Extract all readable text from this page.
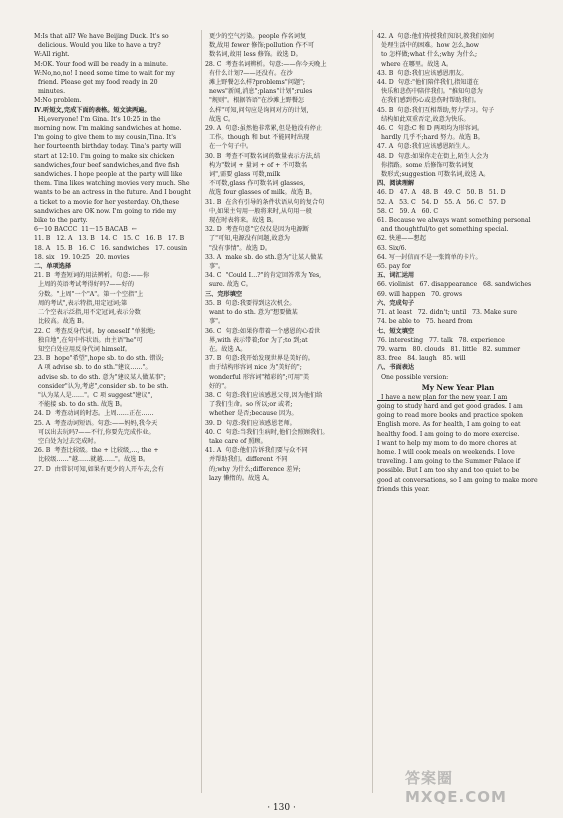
M:Is that all? We have Beijing Duck. It's so
delicious. Would you like to have a try?
W:All right.
M:OK. Your food will be ready in a minute.
W:No,no,no! I need some time to wait for my
friend. Please get my food ready in 20
minutes.
M:No problem.
Ⅳ.听短文,完成下面的表格。短文读两遍。
Hi,everyone! I'm Gina. It's 10:25 in the
morning now. I'm making sandwiches at home.
I'm going to give them to my cousin,Tina. It's
her fourteenth birthday today. Tina's party will
start at 12:10. I'm going to make six chicken
sandwiches,four beef sandwiches,and five fish
sandwiches. I hope people at the party will like
them. Tina likes watching movies very much. She
wants to be an actress in the future. And I bought
a ticket to a movie for her yesterday. Oh,these
sandwiches are OK now. I'm going to ride my
bike to the party.
6～10 BACCC  11～15 BACAB  ←
11. B   12. A   13. B   14. C   15. C   16. B   17. B
18. A   15. B   16. C   16. sandwiches   17. cousin
18. six   19. 10:25   20. movies
二、单项选择
21. B  考查短词的用法辨析。句意:——你
上周的英语考试考得好吗?——好的
分数。"上周"一个"A"。第一个空指"上
周的考试",表示特指,用定冠词;第
二个空表示泛指,用不定冠词,表示分数
比较高。故选 B。
22. C  考查反身代词。by oneself "单独地;
独自地",在句中作状语。由主语"he"可
知空白处应用反身代词 himself。
23. B  hope"希望",hope sb. to do sth. 错误;
A 项 advise sb. to do sth."建议……"。
advise sb. to do sth. 意为"建议某人做某事";
consider"认为,考虑",consider sb. to be sth.
"认为某人是……"。C 项 suggest"建议",
不能接 sb. to do sth. 故选 B。
24. D  考查动词的时态。上周……正在……
25. A  考查动词短语。句意:——妈妈,我今天
可以出去玩吗?——不行,你要先完成作业。
空白处为过去完成时。
26. B  考查比较级。the + 比较级,…, the +
比较级……"越……就越……"。故选 B。
27. D  由常识可知,如果有更少的人开车去,会有
更少的空气污染。people 作名词复
数,故用 fewer 修饰;pollution 作不可
数名词,故用 less 修饰。故选 D。
28. C  考查名词辨析。句意:——你今天晚上
有什么计划?——还没有。在沙
滩上野餐怎么样?problems"问题";
news"新闻,消息";plans"计划";rules
"规则"。根据答语"在沙滩上野餐怎
么样"可知,问句应是询问对方的计划,
故选 C。
29. A  句意:虽然他非常累,但是他没有停止
工作。though 和 but 不能同时出现
在一个句子中。
30. B  考查不可数名词的数量表示方法,结
构为"数词 + 量词 + of + 不可数名
词",需要 glass 可数,milk
不可数,glass 作可数名词 glasses,
故选 four glasses of milk。故选 B。
31. B  在含有引导的条件状语从句的复合句
中,如果主句用一般将来时,从句用一般
现在时表将来。故选 B。
32. D  考查句意"它仅仅是因为电源断
了"可知,电源没有问题,故意为
"没有事情"。故选 D。
33. A  make sb. do sth.意为"让某人做某
事"。
34. C  "Could I…?"的肯定回答常为 Yes,
sure. 故选 C。
三、完形填空
35. B  句意:我要得到这次机会。
want to do sth. 意为"想要做某
事"。
36. C  句意:如果你带着一个感恩的心看世
界,with 表示带着;for 为了;to 到;at
在。故选 A。
37. B  句意:我开始发现世界是美好的。
由于结构形容词 nice 为"美好的";
wonderful 形容词"精彩的";可用"美
好的"。
38. C  句意:我们应该感恩父母,因为他们给
了我们生命。so 所以;or 或者;
whether 是否;because 因为。
39. D  句意:我们应该感恩老师。
40. C  句意:当我们生病时,他们会照顾我们。
take care of 照顾。
41. A  句意:他们告诉我们要与众不同
并帮助我们。different 不同
的;why 为什么;difference 差异;
lazy 懒惰的。故选 A。
42. A  句意:他们传授我们知识,教我们如何
处理生活中的困难。how 怎么,how
to 怎样做;what 什么;why 为什么;
where 在哪里。故选 A。
43. B  句意:我们应该感恩朋友。
44. D  句意:"他们陪伴我们,指知道在
快乐和悲伤中陪伴我们。"推知句意为
在我们感到伤心或悲伤时帮助我们。
45. B  句意:我们互相帮助,努力学习。句子
结构如此双重否定,故意为快乐。
46. C  句意:C 和 D 两项均为形容词。
hardly 几乎不;hard 努力。故选 B。
47. A  句意:我们应该感恩陌生人。
48. D  句意:如果你走在街上,陌生人会为
你指路。some 后修饰可数名词复
数形式;suggestion 可数名词,故选 A。
四、阅读理解
46. D   47. A   48. B   49. C   50. B   51. D
52. A   53. C   54. D   55. A   56. C   57. D
58. C   59. A   60. C
61. Because we always want something personal
and thoughtful/to get something special.
62. 快递——想起
63. Six/6.
64. 写一封信而不是一张简单的卡片。
65. pay for
五、词汇运用
66. violinist   67. disappearance   68. sandwiches
69. will happen   70. grows
六、完成句子
71. at least   72. didn't; until   73. Make sure
74. be able to   75. heard from
七、短文填空
76. interesting   77. talk   78. experience
79. warm   80. clouds   81. little   82. summer
83. free   84. laugh   85. will
八、书面表达
One possible version:
My New Year Plan
I have a new plan for the new year. I am
going to study hard and get good grades. I am
going to read more books and practice spoken
English more. As for health, I am going to eat
healthy food. I am going to do more exercise.
I want to help my mom to do more chores at
home. I will cook meals on weekends. I love
traveling. I am going to the Summer Palace if
possible. But I am too shy and too quiet to be
good at conversations, so I am going to make more
friends this year.
· 130 ·
答案圈 MXQE.COM
